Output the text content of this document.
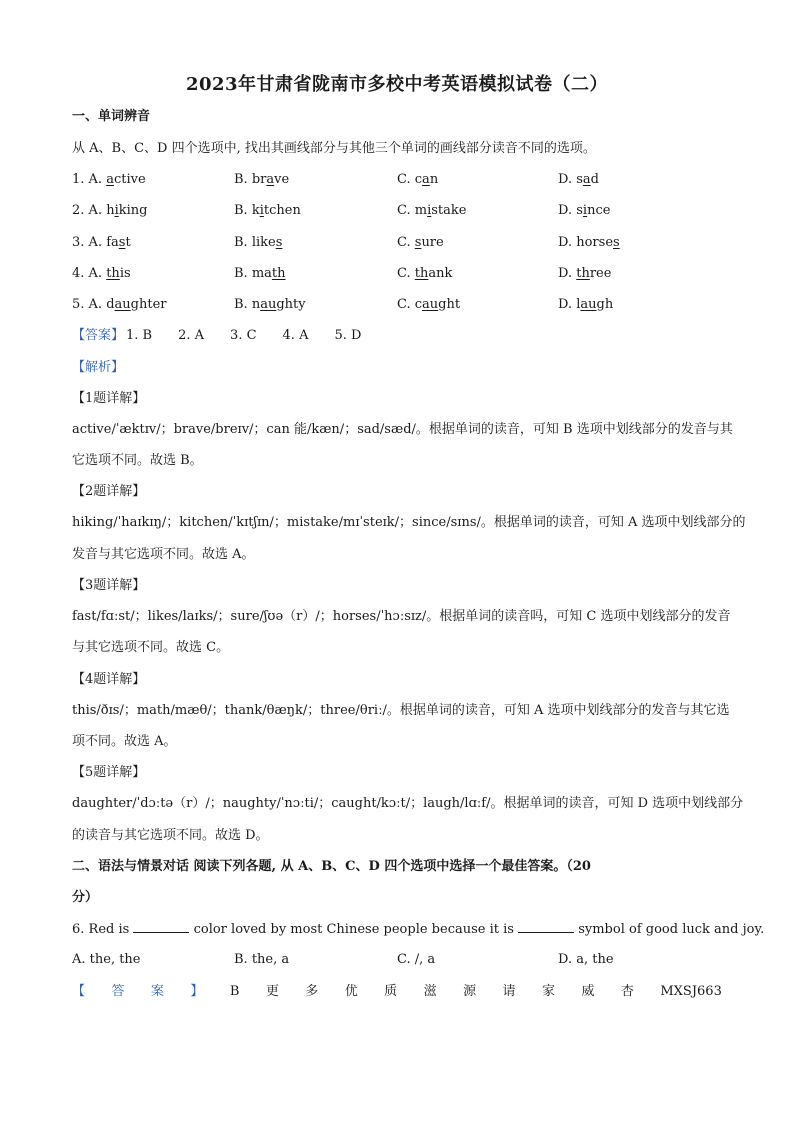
2023年甘肃省陇南市多校中考英语模拟试卷（二）
一、单词辨音
从 A、B、C、D 四个选项中, 找出其画线部分与其他三个单词的画线部分读音不同的选项。
1. A. active	B. brave	C. can	D. sad
2. A. hiking	B. kitchen	C. mistake	D. since
3. A. fast	B. likes	C. sure	D. horses
4. A. this	B. math	C. thank	D. three
5. A. daughter	B. naughty	C. caught	D. laugh
【答案】 1. B 2. A 3. C 4. A 5. D
【解析】
【1题详解】
active/ˈæktɪv/；brave/breɪv/；can 能/kæn/；sad/sæd/。根据单词的读音，可知 B 选项中划线部分的发音与其
它选项不同。故选 B。
【2题详解】
hiking/ˈhaɪkɪŋ/；kitchen/ˈkɪtʃɪn/；mistake/mɪˈsteɪk/；since/sɪns/。根据单词的读音，可知 A 选项中划线部分的
发音与其它选项不同。故选 A。
【3题详解】
fast/fɑːst/；likes/laɪks/；sure/ʃʊə（r）/；horses/ˈhɔːsɪz/。根据单词的读音吗，可知 C 选项中划线部分的发音
与其它选项不同。故选 C。
【4题详解】
this/ðɪs/；math/mæθ/；thank/θæŋk/；three/θriː/。根据单词的读音，可知 A 选项中划线部分的发音与其它选
项不同。故选 A。
【5题详解】
daughter/ˈdɔːtə（r）/；naughty/ˈnɔːti/；caught/kɔːt/；laugh/lɑːf/。根据单词的读音，可知 D 选项中划线部分
的读音与其它选项不同。故选 D。
二、语法与情景对话 阅读下列各题, 从 A、B、C、D 四个选项中选择一个最佳答案。（20
分）
6. Red is	color loved by most Chinese people because it is	symbol of good luck and joy.
A. the, the	B. the, a	C. /, a	D. a, the
【 答 案 】 B 更 多 优 质 滋 源 请 家 威 杏 MXSJ663
